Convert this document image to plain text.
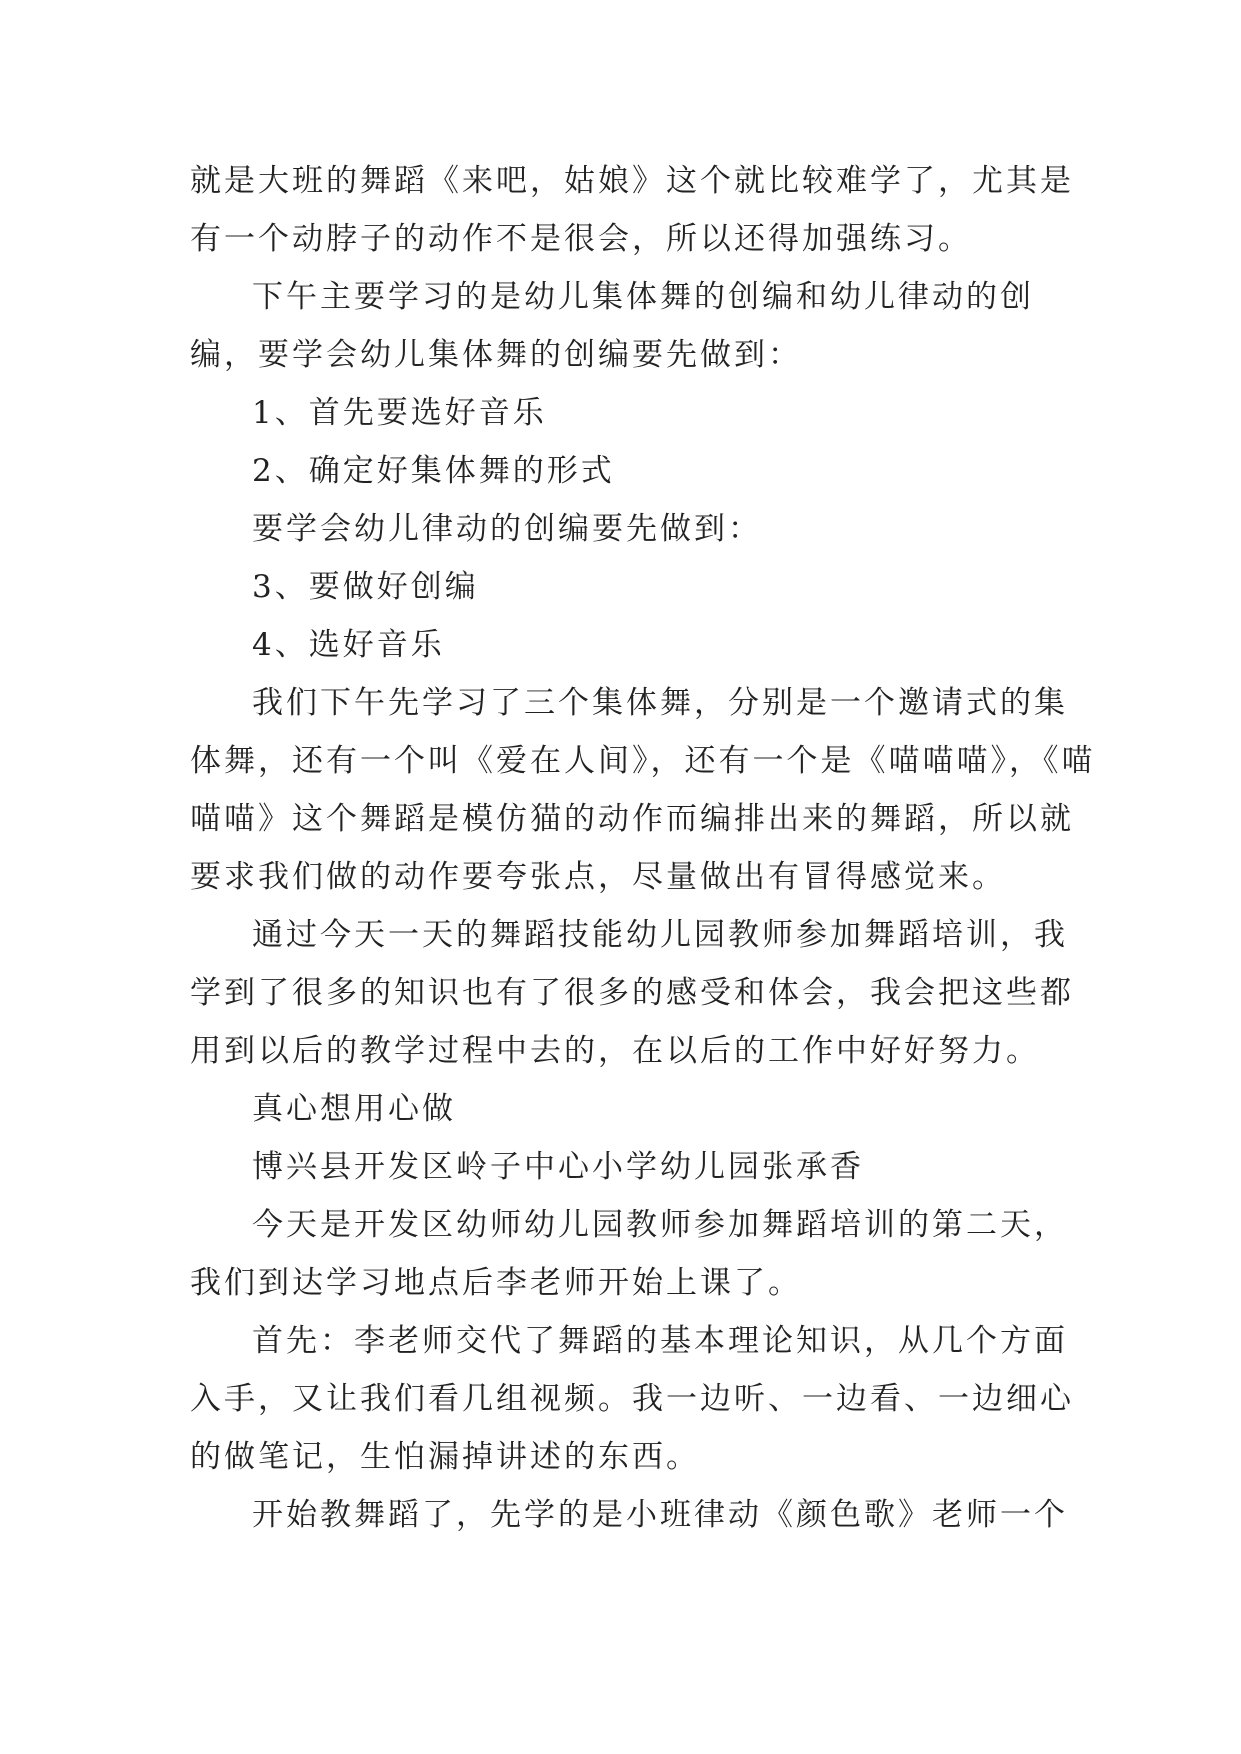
就是大班的舞蹈《来吧，姑娘》这个就比较难学了，尤其是
有一个动脖子的动作不是很会，所以还得加强练习。
下午主要学习的是幼儿集体舞的创编和幼儿律动的创
编，要学会幼儿集体舞的创编要先做到：
1、首先要选好音乐
2、确定好集体舞的形式
要学会幼儿律动的创编要先做到：
3、要做好创编
4、选好音乐
我们下午先学习了三个集体舞，分别是一个邀请式的集
体舞，还有一个叫《爱在人间》，还有一个是《喵喵喵》，《喵
喵喵》这个舞蹈是模仿猫的动作而编排出来的舞蹈，所以就
要求我们做的动作要夸张点，尽量做出有冒得感觉来。
通过今天一天的舞蹈技能幼儿园教师参加舞蹈培训，我
学到了很多的知识也有了很多的感受和体会，我会把这些都
用到以后的教学过程中去的，在以后的工作中好好努力。
真心想用心做
博兴县开发区岭子中心小学幼儿园张承香
今天是开发区幼师幼儿园教师参加舞蹈培训的第二天，
我们到达学习地点后李老师开始上课了。
首先：李老师交代了舞蹈的基本理论知识，从几个方面
入手，又让我们看几组视频。我一边听、一边看、一边细心
的做笔记，生怕漏掉讲述的东西。
开始教舞蹈了，先学的是小班律动《颜色歌》老师一个
